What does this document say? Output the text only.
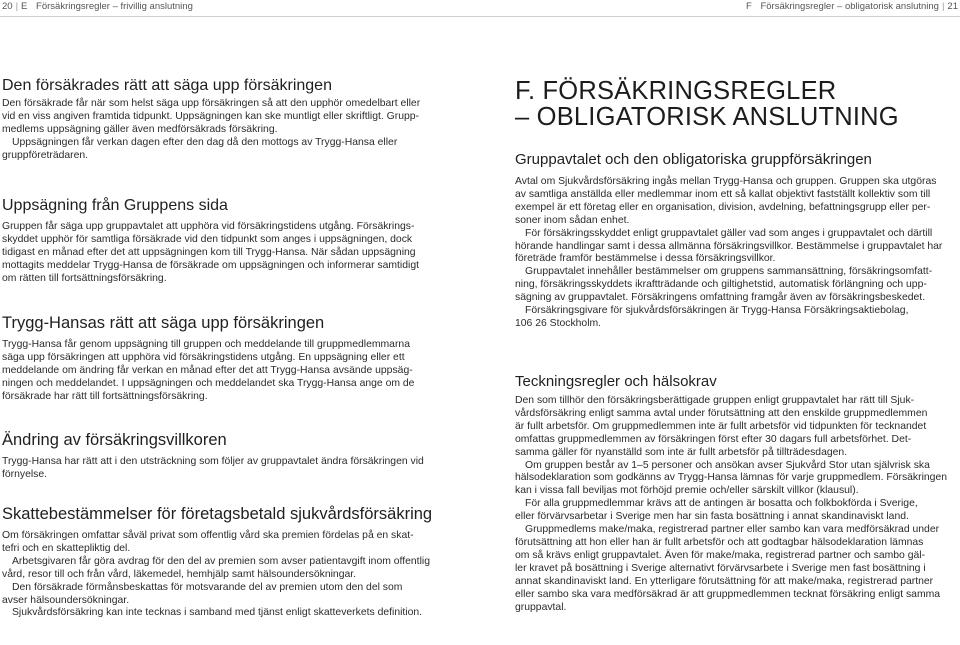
20 | E Försäkringsregler – frivillig anslutning	F Försäkringsregler – obligatorisk anslutning | 21
Den försäkrades rätt att säga upp försäkringen

Den försäkrade får när som helst säga upp försäkringen så att den upphör omedelbart eller

vid en viss angiven framtida tidpunkt. Uppsägningen kan ske muntligt eller skriftligt. Grupp-

medlems uppsägning gäller även medförsäkrads försäkring.

Uppsägningen får verkan dagen efter den dag då den mottogs av Trygg-Hansa eller

gruppföreträdaren.

Uppsägning från Gruppens sida

Gruppen får säga upp gruppavtalet att upphöra vid försäkringstidens utgång. Försäkrings-

skyddet upphör för samtliga försäkrade vid den tidpunkt som anges i uppsägningen, dock

tidigast en månad efter det att uppsägningen kom till Trygg-Hansa. När sådan uppsägning

mottagits meddelar Trygg-Hansa de försäkrade om uppsägningen och informerar samtidigt

om rätten till fortsättningsförsäkring.

Trygg-Hansas rätt att säga upp försäkringen

Trygg-Hansa får genom uppsägning till gruppen och meddelande till gruppmedlemmarna

säga upp försäkringen att upphöra vid försäkringstidens utgång. En uppsägning eller ett

meddelande om ändring får verkan en månad efter det att Trygg-Hansa avsände uppsäg-

ningen och meddelandet. I uppsägningen och meddelandet ska Trygg-Hansa ange om de

försäkrade har rätt till fortsättningsförsäkring.

Ändring av försäkringsvillkoren

Trygg-Hansa har rätt att i den utsträckning som följer av gruppavtalet ändra försäkringen vid

förnyelse.

Skattebestämmelser för företagsbetald sjukvårdsförsäkring

Om försäkringen omfattar såväl privat som offentlig vård ska premien fördelas på en skat-

tefri och en skattepliktig del.

Arbetsgivaren får göra avdrag för den del av premien som avser patientavgift inom offentlig

vård, resor till och från vård, läkemedel, hemhjälp samt hälsoundersökningar.

Den försäkrade förmånsbeskattas för motsvarande del av premien utom den del som

avser hälsoundersökningar.

Sjukvårdsförsäkring kan inte tecknas i samband med tjänst enligt skatteverkets definition.

F. FÖRSÄKRINGSREGLER
– OBLIGATORISK ANSLUTNING
Gruppavtalet och den obligatoriska gruppförsäkringen

Avtal om Sjukvårdsförsäkring ingås mellan Trygg-Hansa och gruppen. Gruppen ska utgöras

av samtliga anställda eller medlemmar inom ett så kallat objektivt fastställt kollektiv som till

exempel är ett företag eller en organisation, division, avdelning, befattningsgrupp eller per-

soner inom sådan enhet.

För försäkringsskyddet enligt gruppavtalet gäller vad som anges i gruppavtalet och därtill

hörande handlingar samt i dessa allmänna försäkringsvillkor. Bestämmelse i gruppavtalet har

företräde framför bestämmelse i dessa försäkringsvillkor.

Gruppavtalet innehåller bestämmelser om gruppens sammansättning, försäkringsomfatt-

ning, försäkringsskyddets ikraftträdande och giltighetstid, automatisk förlängning och upp-

sägning av gruppavtalet. Försäkringens omfattning framgår även av försäkringsbeskedet.

Försäkringsgivare för sjukvårdsförsäkringen är Trygg-Hansa Försäkringsaktiebolag,

106 26 Stockholm.

Teckningsregler och hälsokrav

Den som tillhör den försäkringsberättigade gruppen enligt gruppavtalet har rätt till Sjuk-

vårdsförsäkring enligt samma avtal under förutsättning att den enskilde gruppmedlemmen

är fullt arbetsför. Om gruppmedlemmen inte är fullt arbetsför vid tidpunkten för tecknandet

omfattas gruppmedlemmen av försäkringen först efter 30 dagars full arbetsförhet. Det-

samma gäller för nyanställd som inte är fullt arbetsför på tillträdesdagen.

Om gruppen består av 1–5 personer och ansökan avser Sjukvård Stor utan självrisk ska

hälsodeklaration som godkänns av Trygg-Hansa lämnas för varje gruppmedlem. Försäkringen

kan i vissa fall beviljas mot förhöjd premie och/eller särskilt villkor (klausul).

För alla gruppmedlemmar krävs att de antingen är bosatta och folkbokförda i Sverige,

eller förvärvsarbetar i Sverige men har sin fasta bosättning i annat skandinaviskt land.

Gruppmedlems make/maka, registrerad partner eller sambo kan vara medförsäkrad under

förutsättning att hon eller han är fullt arbetsför och att godtagbar hälsodeklaration lämnas

om så krävs enligt gruppavtalet. Även för make/maka, registrerad partner och sambo gäl-

ler kravet på bosättning i Sverige alternativt förvärvsarbete i Sverige men fast bosättning i

annat skandinaviskt land. En ytterligare förutsättning för att make/maka, registrerad partner

eller sambo ska vara medförsäkrad är att gruppmedlemmen tecknat försäkring enligt samma

gruppavtal.
